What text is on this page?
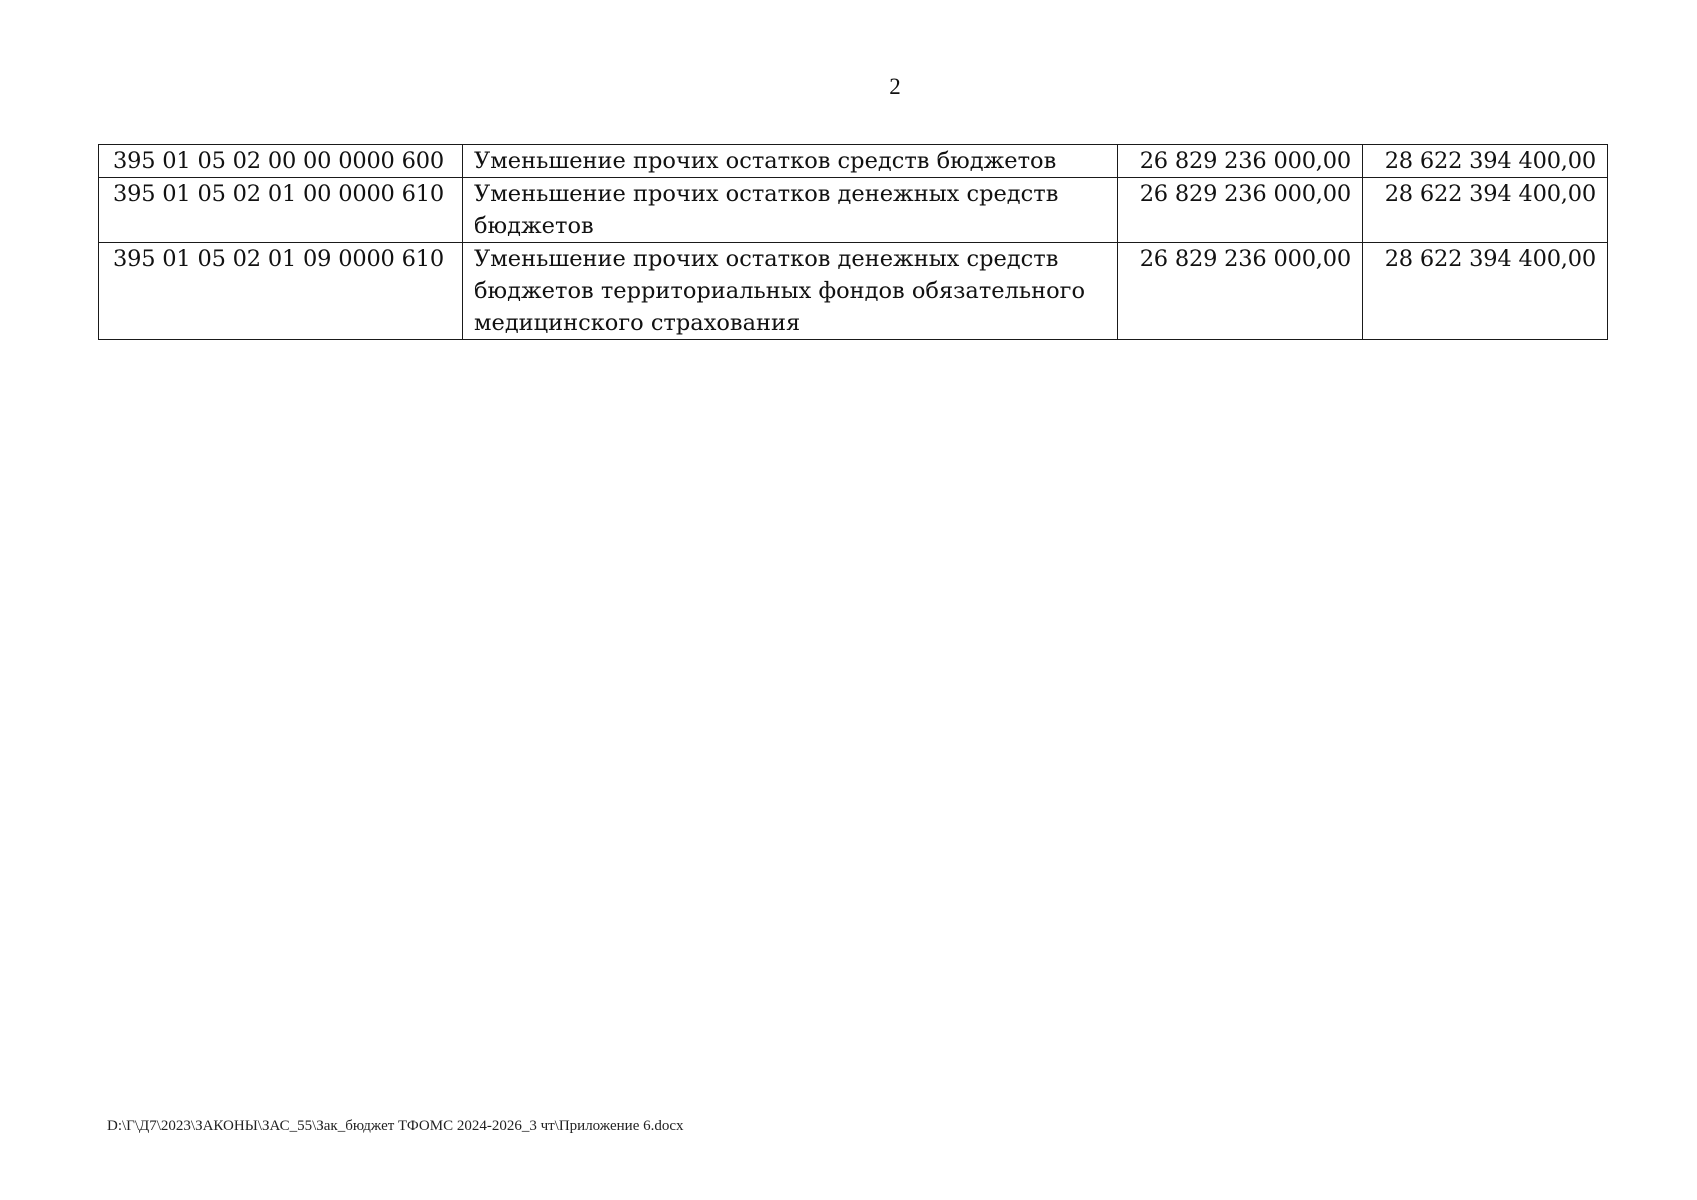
2
395 01 05 02 00 00 0000 600	Уменьшение прочих остатков средств бюджетов	26 829 236 000,00	28 622 394 400,00
395 01 05 02 01 00 0000 610	Уменьшение прочих остатков денежных средств бюджетов	26 829 236 000,00	28 622 394 400,00
395 01 05 02 01 09 0000 610	Уменьшение прочих остатков денежных средств бюджетов территориальных фондов обязательного медицинского страхования	26 829 236 000,00	28 622 394 400,00
D:\Г\Д7\2023\ЗАКОНЫ\ЗАС_55\Зак_бюджет ТФОМС 2024-2026_3 чт\Приложение 6.docx
